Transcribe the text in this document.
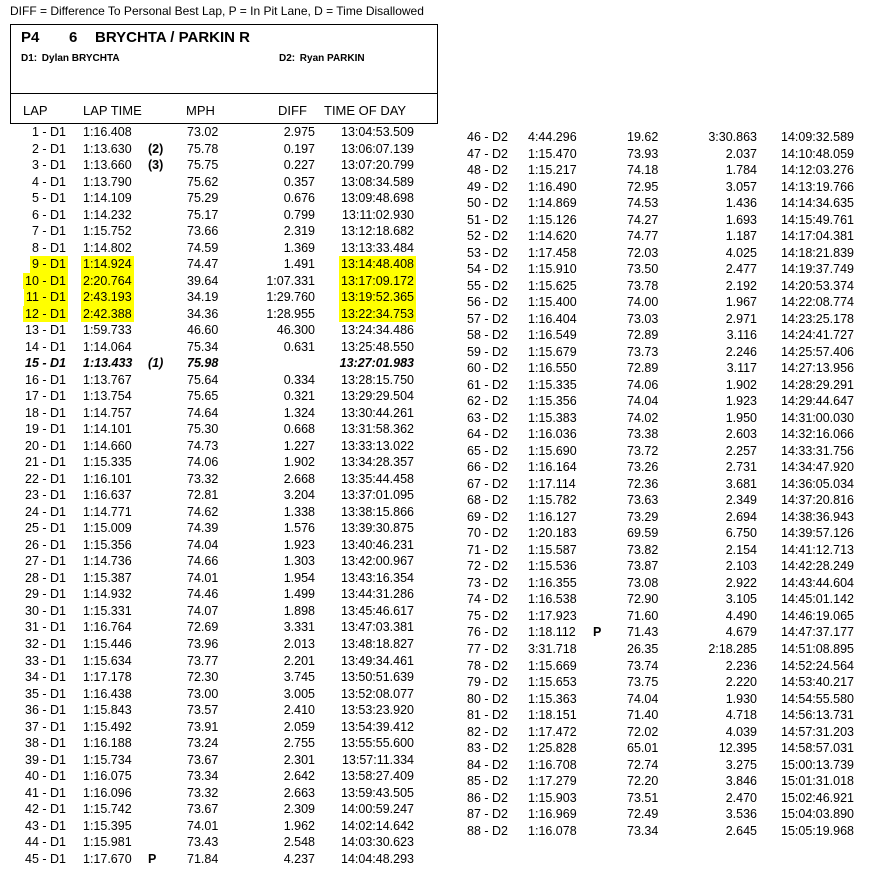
DIFF = Difference To Personal Best Lap, P = In Pit Lane, D = Time Disallowed
P4 6 BRYCHTA / PARKIN R
D1: Dylan BRYCHTA	D2: Ryan PARKIN
LAP	LAP TIME	MPH	DIFF TIME OF DAY
1 - D1 1:16.408	73.02	2.975 13:04:53.509
2 - D1 1:13.630 (2) 75.78	0.197 13:06:07.139
3 - D1 1:13.660 (3) 75.75	0.227 13:07:20.799
4 - D1 1:13.790	75.62	0.357 13:08:34.589
5 - D1 1:14.109	75.29	0.676 13:09:48.698
6 - D1 1:14.232	75.17	0.799 13:11:02.930
7 - D1 1:15.752	73.66	2.319 13:12:18.682
8 - D1 1:14.802	74.59	1.369 13:13:33.484
9 - D1 1:14.924	74.47	1.491 13:14:48.408
10 - D1 2:20.764	39.64	1:07.331 13:17:09.172
11 - D1 2:43.193	34.19	1:29.760 13:19:52.365
12 - D1 2:42.388	34.36	1:28.955 13:22:34.753
13 - D1 1:59.733	46.60	46.300 13:24:34.486
14 - D1 1:14.064	75.34	0.631 13:25:48.550
15 - D1 1:13.433 (1) 75.98	13:27:01.983
16 - D1 1:13.767	75.64	0.334 13:28:15.750
17 - D1 1:13.754	75.65	0.321 13:29:29.504
18 - D1 1:14.757	74.64	1.324 13:30:44.261
19 - D1 1:14.101	75.30	0.668 13:31:58.362
20 - D1 1:14.660	74.73	1.227 13:33:13.022
21 - D1 1:15.335	74.06	1.902 13:34:28.357
22 - D1 1:16.101	73.32	2.668 13:35:44.458
23 - D1 1:16.637	72.81	3.204 13:37:01.095
24 - D1 1:14.771	74.62	1.338 13:38:15.866
25 - D1 1:15.009	74.39	1.576 13:39:30.875
26 - D1 1:15.356	74.04	1.923 13:40:46.231
27 - D1 1:14.736	74.66	1.303 13:42:00.967
28 - D1 1:15.387	74.01	1.954 13:43:16.354
29 - D1 1:14.932	74.46	1.499 13:44:31.286
30 - D1 1:15.331	74.07	1.898 13:45:46.617
31 - D1 1:16.764	72.69	3.331 13:47:03.381
32 - D1 1:15.446	73.96	2.013 13:48:18.827
33 - D1 1:15.634	73.77	2.201 13:49:34.461
34 - D1 1:17.178	72.30	3.745 13:50:51.639
35 - D1 1:16.438	73.00	3.005 13:52:08.077
36 - D1 1:15.843	73.57	2.410 13:53:23.920
37 - D1 1:15.492	73.91	2.059 13:54:39.412
38 - D1 1:16.188	73.24	2.755 13:55:55.600
39 - D1 1:15.734	73.67	2.301 13:57:11.334
40 - D1 1:16.075	73.34	2.642 13:58:27.409
41 - D1 1:16.096	73.32	2.663 13:59:43.505
42 - D1 1:15.742	73.67	2.309 14:00:59.247
43 - D1 1:15.395	74.01	1.962 14:02:14.642
44 - D1 1:15.981	73.43	2.548 14:03:30.623
45 - D1 1:17.670 P 71.84	4.237 14:04:48.293
46 - D2 4:44.296	19.62	3:30.863 14:09:32.589
47 - D2 1:15.470	73.93	2.037 14:10:48.059
48 - D2 1:15.217	74.18	1.784 14:12:03.276
49 - D2 1:16.490	72.95	3.057 14:13:19.766
50 - D2 1:14.869	74.53	1.436 14:14:34.635
51 - D2 1:15.126	74.27	1.693 14:15:49.761
52 - D2 1:14.620	74.77	1.187 14:17:04.381
53 - D2 1:17.458	72.03	4.025 14:18:21.839
54 - D2 1:15.910	73.50	2.477 14:19:37.749
55 - D2 1:15.625	73.78	2.192 14:20:53.374
56 - D2 1:15.400	74.00	1.967 14:22:08.774
57 - D2 1:16.404	73.03	2.971 14:23:25.178
58 - D2 1:16.549	72.89	3.116 14:24:41.727
59 - D2 1:15.679	73.73	2.246 14:25:57.406
60 - D2 1:16.550	72.89	3.117 14:27:13.956
61 - D2 1:15.335	74.06	1.902 14:28:29.291
62 - D2 1:15.356	74.04	1.923 14:29:44.647
63 - D2 1:15.383	74.02	1.950 14:31:00.030
64 - D2 1:16.036	73.38	2.603 14:32:16.066
65 - D2 1:15.690	73.72	2.257 14:33:31.756
66 - D2 1:16.164	73.26	2.731 14:34:47.920
67 - D2 1:17.114	72.36	3.681 14:36:05.034
68 - D2 1:15.782	73.63	2.349 14:37:20.816
69 - D2 1:16.127	73.29	2.694 14:38:36.943
70 - D2 1:20.183	69.59	6.750 14:39:57.126
71 - D2 1:15.587	73.82	2.154 14:41:12.713
72 - D2 1:15.536	73.87	2.103 14:42:28.249
73 - D2 1:16.355	73.08	2.922 14:43:44.604
74 - D2 1:16.538	72.90	3.105 14:45:01.142
75 - D2 1:17.923	71.60	4.490 14:46:19.065
76 - D2 1:18.112 P 71.43	4.679 14:47:37.177
77 - D2 3:31.718	26.35	2:18.285 14:51:08.895
78 - D2 1:15.669	73.74	2.236 14:52:24.564
79 - D2 1:15.653	73.75	2.220 14:53:40.217
80 - D2 1:15.363	74.04	1.930 14:54:55.580
81 - D2 1:18.151	71.40	4.718 14:56:13.731
82 - D2 1:17.472	72.02	4.039 14:57:31.203
83 - D2 1:25.828	65.01	12.395 14:58:57.031
84 - D2 1:16.708	72.74	3.275 15:00:13.739
85 - D2 1:17.279	72.20	3.846 15:01:31.018
86 - D2 1:15.903	73.51	2.470 15:02:46.921
87 - D2 1:16.969	72.49	3.536 15:04:03.890
88 - D2 1:16.078	73.34	2.645 15:05:19.968
